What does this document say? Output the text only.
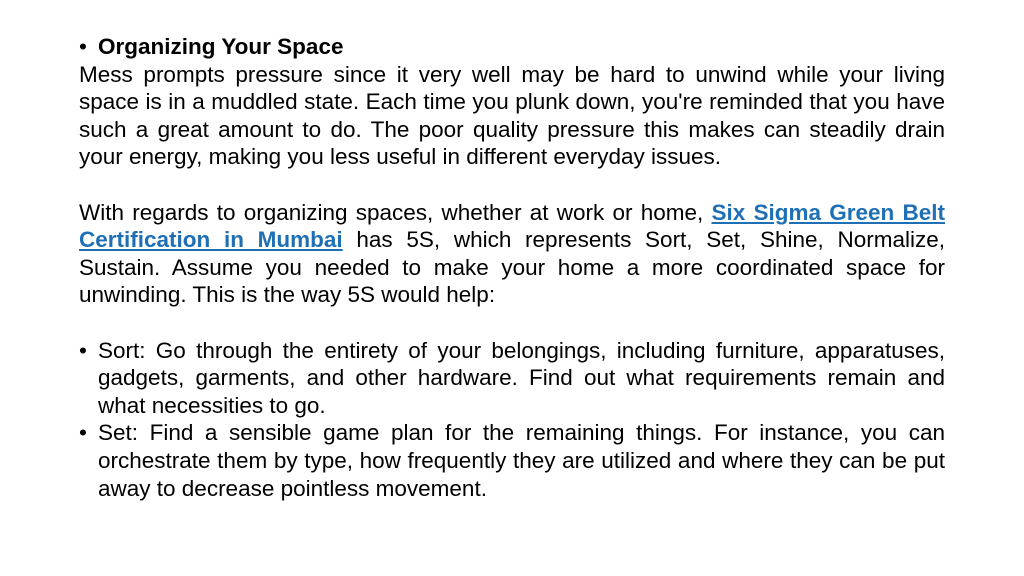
• Organizing Your Space

Mess prompts pressure since it very well may be hard to unwind while your living space is in a muddled state. Each time you plunk down, you're reminded that you have such a great amount to do. The poor quality pressure this makes can steadily drain your energy, making you less useful in different everyday issues.

With regards to organizing spaces, whether at work or home, Six Sigma Green Belt Certification in Mumbai has 5S, which represents Sort, Set, Shine, Normalize, Sustain. Assume you needed to make your home a more coordinated space for unwinding. This is the way 5S would help:

• Sort: Go through the entirety of your belongings, including furniture, apparatuses, gadgets, garments, and other hardware. Find out what requirements remain and what necessities to go.
• Set: Find a sensible game plan for the remaining things. For instance, you can orchestrate them by type, how frequently they are utilized and where they can be put away to decrease pointless movement.
